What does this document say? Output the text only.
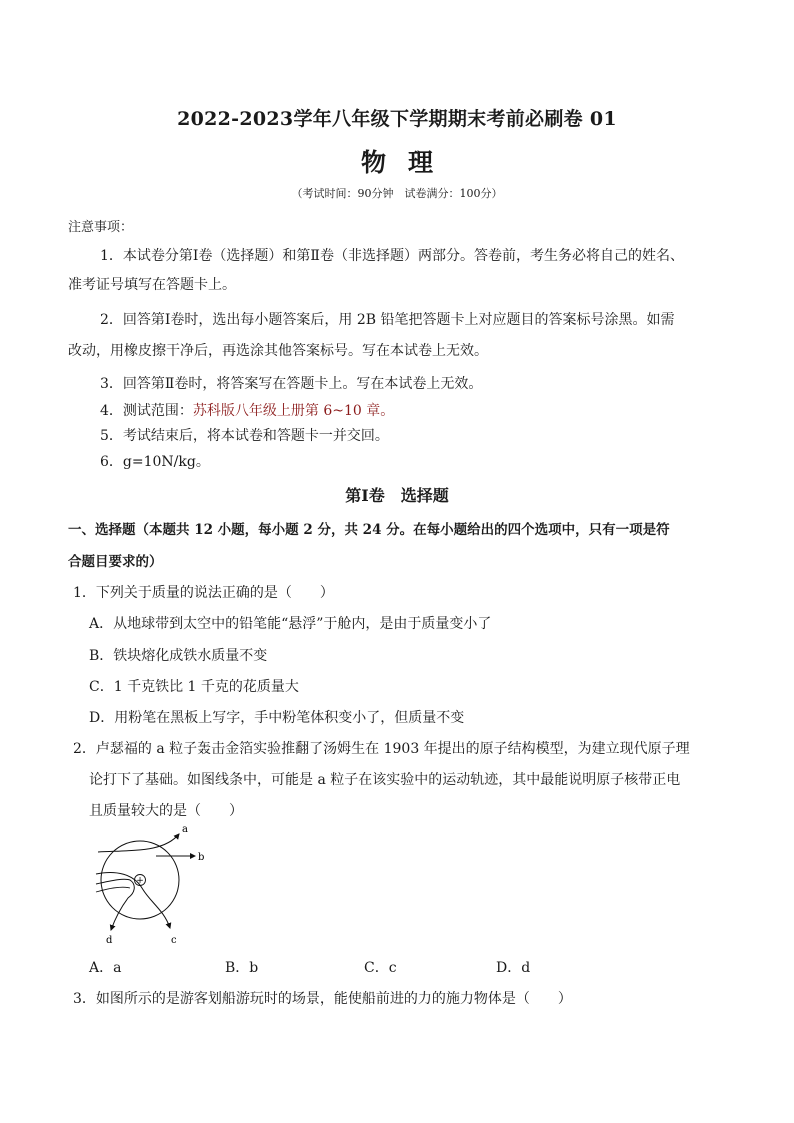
2022-2023学年八年级下学期期末考前必刷卷 01
物理
（考试时间：90分钟　试卷满分：100分）
注意事项：
1．本试卷分第Ⅰ卷（选择题）和第Ⅱ卷（非选择题）两部分。答卷前，考生务必将自己的姓名、
准考证号填写在答题卡上。
2．回答第Ⅰ卷时，选出每小题答案后，用 2B 铅笔把答题卡上对应题目的答案标号涂黑。如需
改动，用橡皮擦干净后，再选涂其他答案标号。写在本试卷上无效。
3．回答第Ⅱ卷时，将答案写在答题卡上。写在本试卷上无效。
4．测试范围：苏科版八年级上册第 6~10 章。
5．考试结束后，将本试卷和答题卡一并交回。
6．g=10N/kg。
第Ⅰ卷　选择题
一、选择题（本题共 12 小题，每小题 2 分，共 24 分。在每小题给出的四个选项中，只有一项是符
合题目要求的）
1．下列关于质量的说法正确的是（　　）
A．从地球带到太空中的铅笔能“悬浮”于舱内，是由于质量变小了
B．铁块熔化成铁水质量不变
C．1 千克铁比 1 千克的花质量大
D．用粉笔在黑板上写字，手中粉笔体积变小了，但质量不变
2．卢瑟福的 a 粒子轰击金箔实验推翻了汤姆生在 1903 年提出的原子结构模型，为建立现代原子理
论打下了基础。如图线条中，可能是 a 粒子在该实验中的运动轨迹，其中最能说明原子核带正电
且质量较大的是（　　）
+
a
b
c
d
A．a	B．b	C．c	D．d
3．如图所示的是游客划船游玩时的场景，能使船前进的力的施力物体是（　　）
